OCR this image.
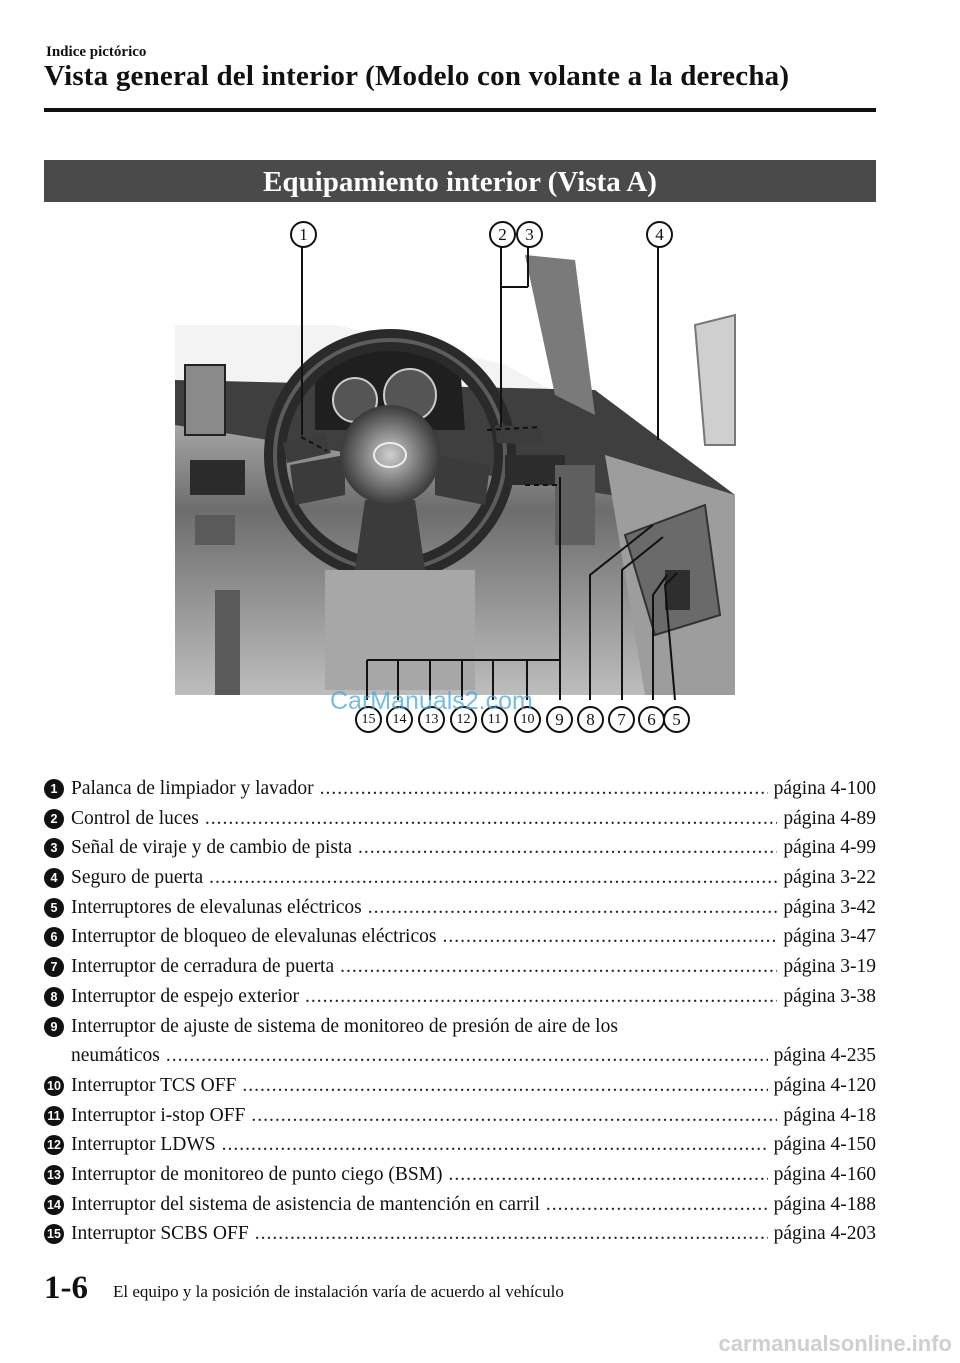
Indice pictórico
Vista general del interior (Modelo con volante a la derecha)
Equipamiento interior (Vista A)
1	2	3	4
5
6
7
8
9
10
11
12
13
14
15
CarManuals2.com
1 Palanca de limpiador y lavador .....	página 4-100
2 Control de luces .....	página 4-89
3 Señal de viraje y de cambio de pista .....	página 4-99
4 Seguro de puerta .....	página 3-22
5 Interruptores de elevalunas eléctricos .....	página 3-42
6 Interruptor de bloqueo de elevalunas eléctricos .....	página 3-47
7 Interruptor de cerradura de puerta .....	página 3-19
8 Interruptor de espejo exterior .....	página 3-38
9 Interruptor de ajuste de sistema de monitoreo de presión de aire de los
neumáticos .....	página 4-235
10 Interruptor TCS OFF .....	página 4-120
11 Interruptor i-stop OFF .....	página 4-18
12 Interruptor LDWS .....	página 4-150
13 Interruptor de monitoreo de punto ciego (BSM) .....	página 4-160
14 Interruptor del sistema de asistencia de mantención en carril .....	página 4-188
15 Interruptor SCBS OFF .....	página 4-203
1-6 El equipo y la posición de instalación varía de acuerdo al vehículo
carmanualsonline.info
